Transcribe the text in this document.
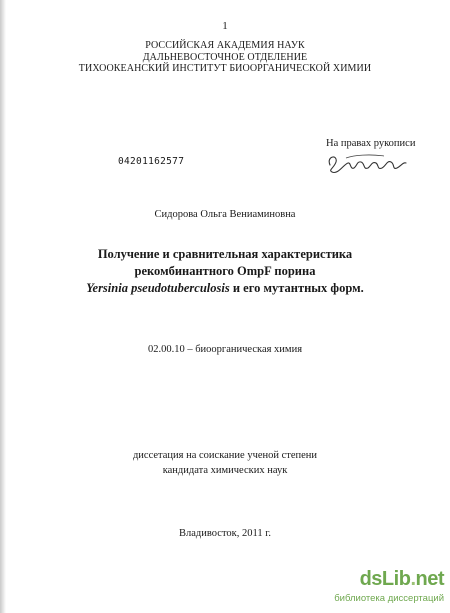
1
РОССИЙСКАЯ АКАДЕМИЯ НАУК
ДАЛЬНЕВОСТОЧНОЕ ОТДЕЛЕНИЕ
ТИХООКЕАНСКИЙ ИНСТИТУТ БИООРГАНИЧЕСКОЙ ХИМИИ
На правах рукописи
04201162577
Сидорова Ольга Вениаминовна
Получение и сравнительная характеристика
рекомбинантного OmpF порина
Yersinia pseudotuberculosis и его мутантных форм.
02.00.10 – биоорганическая химия
диссетация на соискание ученой степени
кандидата химических наук
Владивосток, 2011 г.
dsLib.net
библиотека диссертаций
